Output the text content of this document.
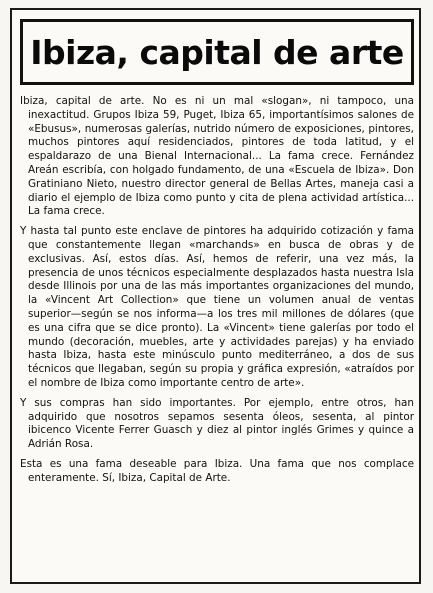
Ibiza, capital de arte

Ibiza, capital de arte. No es ni un mal «slogan», ni tampoco, una inexactitud. Grupos Ibiza 59, Puget, Ibiza 65, importantísimos salones de «Ebusus», numerosas galerías, nutrido número de exposiciones, pintores, muchos pintores aquí residenciados, pintores de toda latitud, y el espaldarazo de una Bienal Internacional... La fama crece. Fernández Areán escribía, con holgado fundamento, de una «Escuela de Ibiza». Don Gratiniano Nieto, nuestro director general de Bellas Artes, maneja casi a diario el ejemplo de Ibiza como punto y cita de plena actividad artística... La fama crece.

Y hasta tal punto este enclave de pintores ha adquirido cotización y fama que constantemente llegan «marchands» en busca de obras y de exclusivas. Así, estos días. Así, hemos de referir, una vez más, la presencia de unos técnicos especialmente desplazados hasta nuestra Isla desde Illinois por una de las más importantes organizaciones del mundo, la «Vincent Art Collection» que tiene un volumen anual de ventas superior—según se nos informa—a los tres mil millones de dólares (que es una cifra que se dice pronto). La «Vincent» tiene galerías por todo el mundo (decoración, muebles, arte y actividades parejas) y ha enviado hasta Ibiza, hasta este minúsculo punto mediterráneo, a dos de sus técnicos que llegaban, según su propia y gráfica expresión, «atraídos por el nombre de Ibiza como importante centro de arte».

Y sus compras han sido importantes. Por ejemplo, entre otros, han adquirido que nosotros sepamos sesenta óleos, sesenta, al pintor ibicenco Vicente Ferrer Guasch y diez al pintor inglés Grimes y quince a Adrián Rosa.

Esta es una fama deseable para Ibiza. Una fama que nos complace enteramente. Sí, Ibiza, Capital de Arte.
